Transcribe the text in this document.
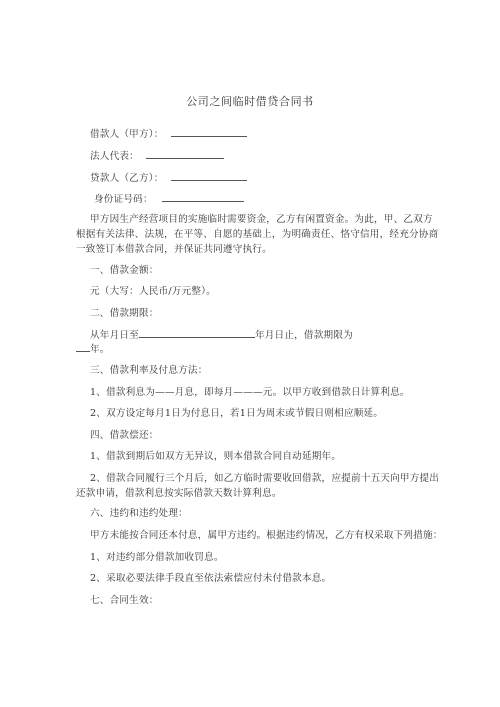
公司之间临时借贷合同书
借款人（甲方）：
法人代表：
贷款人（乙方）：
身份证号码：
甲方因生产经营项目的实施临时需要资金，乙方有闲置资金。为此，甲、乙双方根据有关法律、法规，在平等、自愿的基础上，为明确责任、恪守信用，经充分协商一致签订本借款合同，并保证共同遵守执行。
一、借款金额：
元（大写：人民币/万元整）。
二、借款期限：
从年月日至	年月日止，借款期限为
年。
三、借款利率及付息方法：
1、借款利息为——月息，即每月———元。以甲方收到借款日计算利息。
2、双方设定每月1日为付息日，若1日为周末或节假日则相应顺延。
四、借款偿还：
1、借款到期后如双方无异议，则本借款合同自动延期年。
2、借款合同履行三个月后，如乙方临时需要收回借款，应提前十五天向甲方提出还款申请，借款利息按实际借款天数计算利息。
六、违约和违约处理：
甲方未能按合同还本付息，属甲方违约。根据违约情况，乙方有权采取下列措施：
1、对违约部分借款加收罚息。
2、采取必要法律手段直至依法索偿应付未付借款本息。
七、合同生效：
